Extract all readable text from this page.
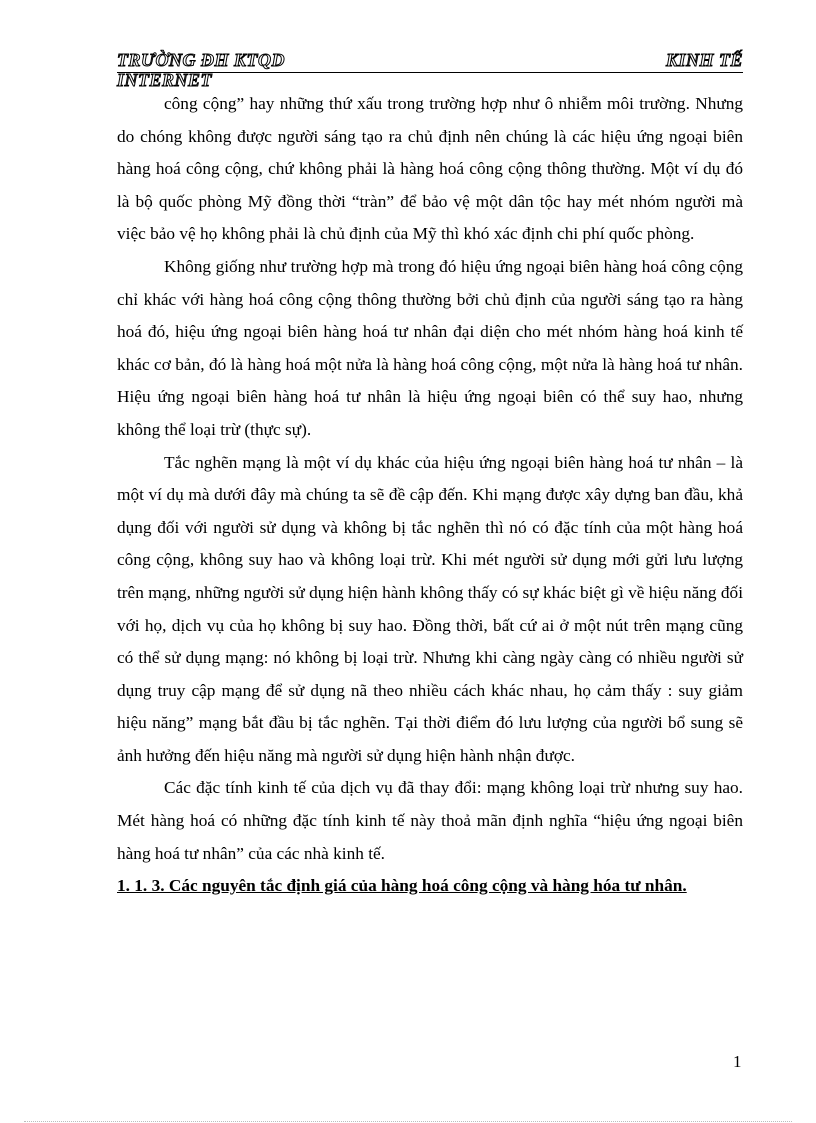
TRƯỜNG ĐH KTQD	KINH TẾ
INTERNET

công cộng” hay những thứ xấu trong trường hợp như ô nhiễm môi trường. Nhưng do chóng không được người sáng tạo ra chủ định nên chúng là các hiệu ứng ngoại biên hàng hoá công cộng, chứ không phải là hàng hoá công cộng thông thường. Một ví dụ đó là bộ quốc phòng Mỹ đồng thời “tràn” để bảo vệ một dân tộc hay mét nhóm người mà việc bảo vệ họ không phải là chủ định của Mỹ thì khó xác định chi phí quốc phòng.

Không giống như trường hợp mà trong đó hiệu ứng ngoại biên hàng hoá công cộng chỉ khác với hàng hoá công cộng thông thường bởi chủ định của người sáng tạo ra hàng hoá đó, hiệu ứng ngoại biên hàng hoá tư nhân đại diện cho mét nhóm hàng hoá kinh tế khác cơ bản, đó là hàng hoá một nửa là hàng hoá công cộng, một nửa là hàng hoá tư nhân. Hiệu ứng ngoại biên hàng hoá tư nhân là hiệu ứng ngoại biên có thể suy hao, nhưng không thể loại trừ (thực sự).

Tắc nghẽn mạng là một ví dụ khác của hiệu ứng ngoại biên hàng hoá tư nhân – là một ví dụ mà dưới đây mà chúng ta sẽ đề cập đến. Khi mạng được xây dựng ban đầu, khả dụng đối với người sử dụng và không bị tắc nghẽn thì nó có đặc tính của một hàng hoá công cộng, không suy hao và không loại trừ. Khi mét người sử dụng mới gửi lưu lượng trên mạng, những người sử dụng hiện hành không thấy có sự khác biệt gì về hiệu năng đối với họ, dịch vụ của họ không bị suy hao. Đồng thời, bất cứ ai ở một nút trên mạng cũng có thể sử dụng mạng: nó không bị loại trừ. Nhưng khi càng ngày càng có nhiều người sử dụng truy cập mạng để sử dụng nã theo nhiều cách khác nhau, họ cảm thấy : suy giảm hiệu năng” mạng bắt đầu bị tắc nghẽn. Tại thời điểm đó lưu lượng của người bổ sung sẽ ảnh hưởng đến hiệu năng mà người sử dụng hiện hành nhận được.

Các đặc tính kinh tế của dịch vụ đã thay đổi: mạng không loại trừ nhưng suy hao. Mét hàng hoá có những đặc tính kinh tế này thoả mãn định nghĩa “hiệu ứng ngoại biên hàng hoá tư nhân” của các nhà kinh tế.

1. 1. 3. Các nguyên tắc định giá của hàng hoá công cộng và hàng hóa tư nhân.

1
